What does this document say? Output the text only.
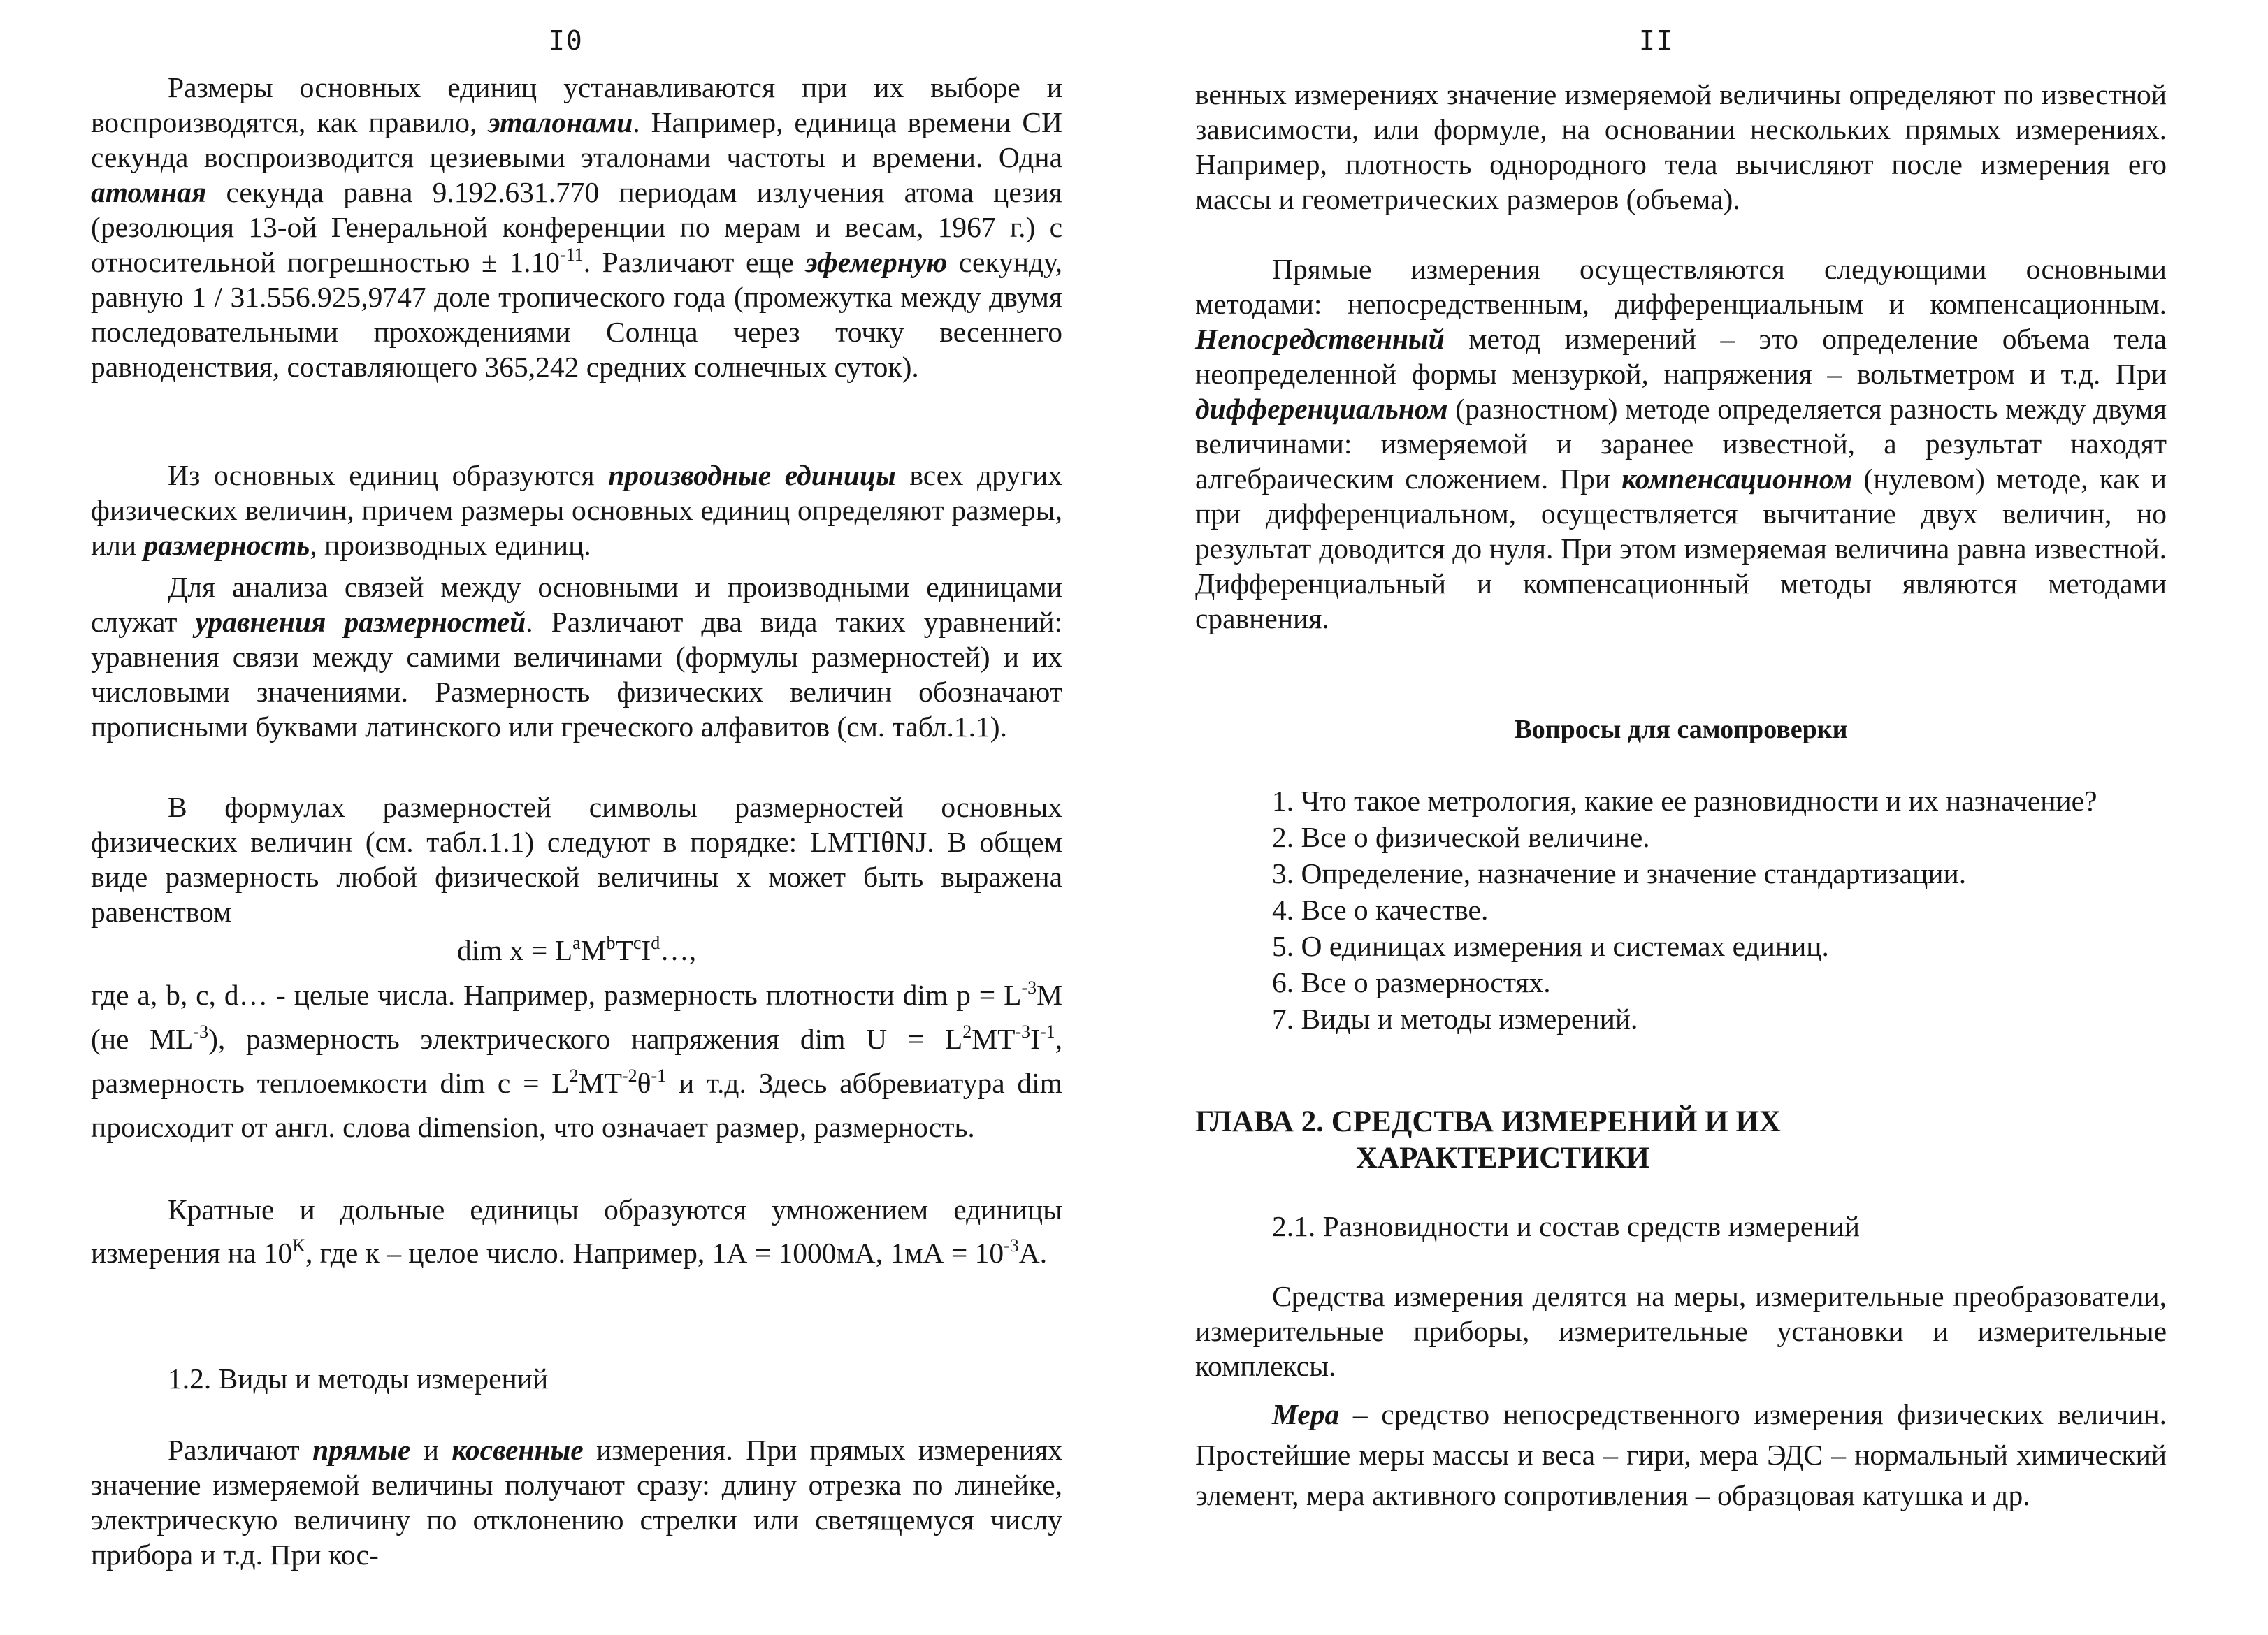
I0

Размеры основных единиц устанавливаются при их выборе и воспроизводятся, как правило, эталонами. Например, единица времени СИ секунда воспроизводится цезиевыми эталонами частоты и времени. Одна атомная секунда равна 9.192.631.770 периодам излучения атома цезия (резолюция 13-ой Генеральной конференции по мерам и весам, 1967 г.) с относительной погрешностью ± $1.10^{-11}$. Различают еще эфемерную секунду, равную 1 / 31.556.925,9747 доле тропического года (промежутка между двумя последовательными прохождениями Солнца через точку весеннего равноденствия, составляющего 365,242 средних солнечных суток).

Из основных единиц образуются производные единицы всех других физических величин, причем размеры основных единиц определяют размеры, или размерность, производных единиц.

Для анализа связей между основными и производными единицами служат уравнения размерностей. Различают два вида таких уравнений: уравнения связи между самими величинами (формулы размерностей) и их числовыми значениями. Размерность физических величин обозначают прописными буквами латинского или греческого алфавитов (см. табл.1.1).

В формулах размерностей символы размерностей основных физических величин (см. табл.1.1) следуют в порядке: LMTIθNJ. В общем виде размерность любой физической величины x может быть выражена равенством

dim $x = L^aM^bT^cI^d\dots$,

где a, b, c, d… - целые числа. Например, размерность плотности dim $p = L^{-3}M$ (не $ML^{-3}$), размерность электрического напряжения dim $U = L^2MT^{-3}I^{-1}$, размерность теплоемкости dim $c = L^2MT^{-2}\theta^{-1}$ и т.д. Здесь аббревиатура dim происходит от англ. слова dimension, что означает размер, размерность.

Кратные и дольные единицы образуются умножением единицы измерения на $10^K$, где к – целое число. Например, 1А = 1000мА, $1мА = 10^{-3}А$.

1.2. Виды и методы измерений

Различают прямые и косвенные измерения. При прямых измерениях значение измеряемой величины получают сразу: длину отрезка по линейке, электрическую величину по отклонению стрелки или светящемуся числу прибора и т.д. При кос-

II

венных измерениях значение измеряемой величины определяют по известной зависимости, или формуле, на основании нескольких прямых измерениях. Например, плотность однородного тела вычисляют после измерения его массы и геометрических размеров (объема).

Прямые измерения осуществляются следующими основными методами: непосредственным, дифференциальным и компенсационным. Непосредственный метод измерений – это определение объема тела неопределенной формы мензуркой, напряжения – вольтметром и т.д. При дифференциальном (разностном) методе определяется разность между двумя величинами: измеряемой и заранее известной, а результат находят алгебраическим сложением. При компенсационном (нулевом) методе, как и при дифференциальном, осуществляется вычитание двух величин, но результат доводится до нуля. При этом измеряемая величина равна известной. Дифференциальный и компенсационный методы являются методами сравнения.

Вопросы для самопроверки

1. Что такое метрология, какие ее разновидности и их назначение?

2. Все о физической величине.

3. Определение, назначение и значение стандартизации.

4. Все о качестве.

5. О единицах измерения и системах единиц.

6. Все о размерностях.

7. Виды и методы измерений.

ГЛАВА 2. СРЕДСТВА ИЗМЕРЕНИЙ И ИХ
ХАРАКТЕРИСТИКИ
2.1. Разновидности и состав средств измерений

Средства измерения делятся на меры, измерительные преобразователи, измерительные приборы, измерительные установки и измерительные комплексы.

Мера – средство непосредственного измерения физических величин. Простейшие меры массы и веса – гири, мера ЭДС – нормальный химический элемент, мера активного сопротивления – образцовая катушка и др.
